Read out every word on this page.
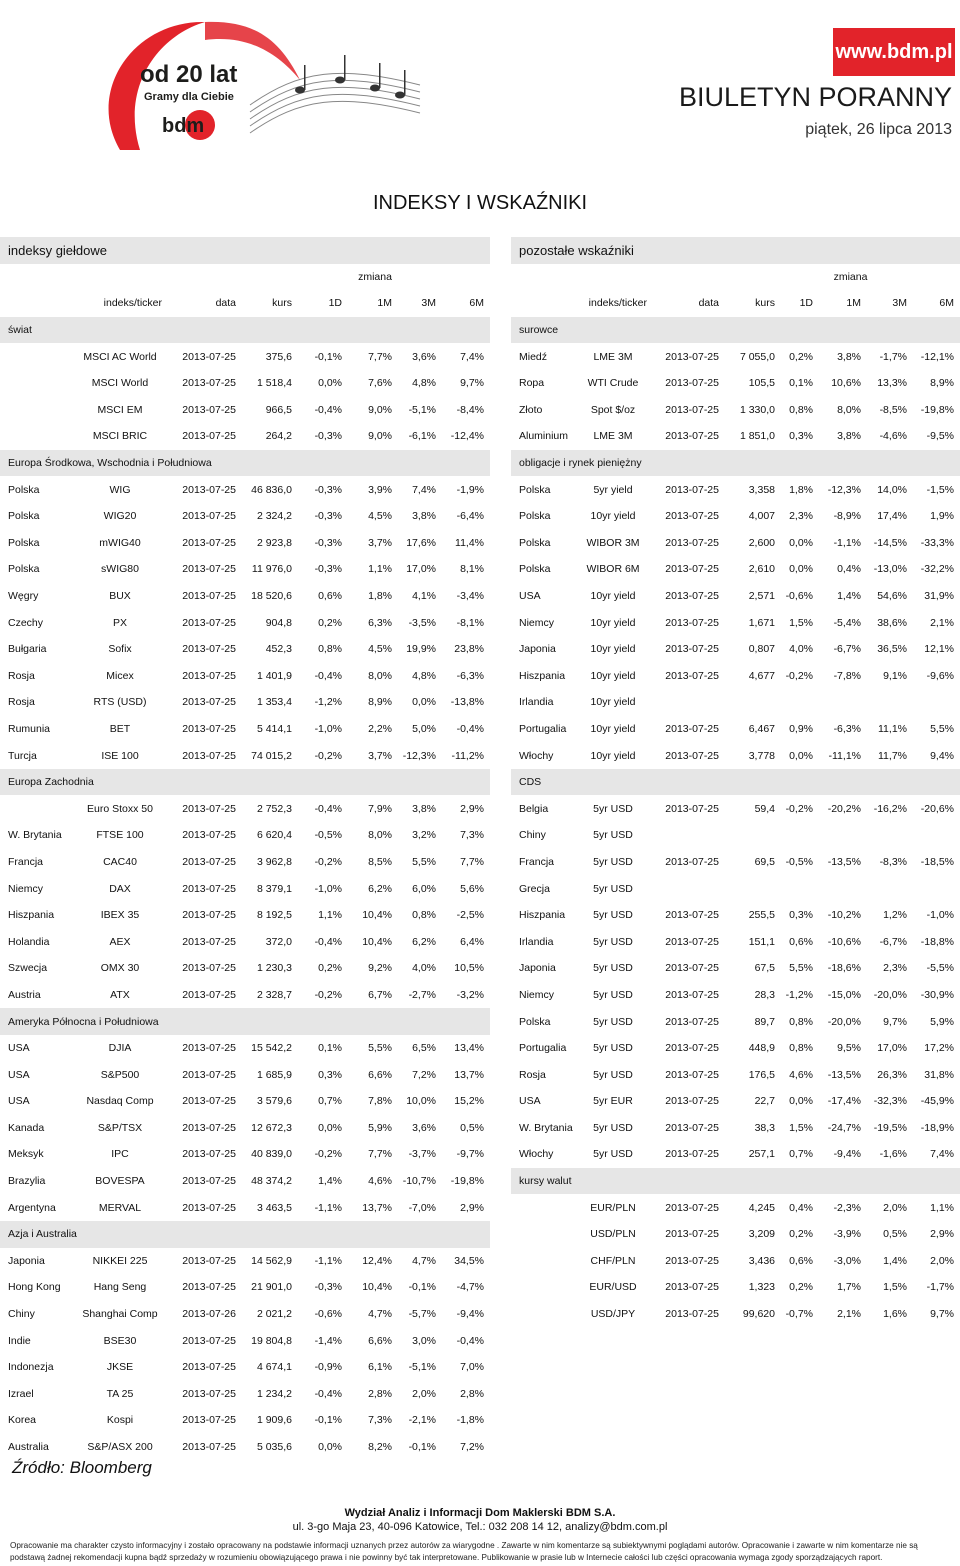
od 20 lat
Gramy dla Ciebie
bdm
www.bdm.pl
BIULETYN PORANNY
piątek, 26 lipca 2013
INDEKSY I WSKAŹNIKI
indeksy giełdowe							
zmiana							
	indeks/ticker	data	kurs	1D	1M	3M	6M
świat							
	MSCI AC World	2013-07-25	375,6	-0,1%	7,7%	3,6%	7,4%
	MSCI World	2013-07-25	1 518,4	0,0%	7,6%	4,8%	9,7%
	MSCI EM	2013-07-25	966,5	-0,4%	9,0%	-5,1%	-8,4%
	MSCI BRIC	2013-07-25	264,2	-0,3%	9,0%	-6,1%	-12,4%
Europa Środkowa, Wschodnia i Południowa							
Polska	WIG	2013-07-25	46 836,0	-0,3%	3,9%	7,4%	-1,9%
Polska	WIG20	2013-07-25	2 324,2	-0,3%	4,5%	3,8%	-6,4%
Polska	mWIG40	2013-07-25	2 923,8	-0,3%	3,7%	17,6%	11,4%
Polska	sWIG80	2013-07-25	11 976,0	-0,3%	1,1%	17,0%	8,1%
Węgry	BUX	2013-07-25	18 520,6	0,6%	1,8%	4,1%	-3,4%
Czechy	PX	2013-07-25	904,8	0,2%	6,3%	-3,5%	-8,1%
Bułgaria	Sofix	2013-07-25	452,3	0,8%	4,5%	19,9%	23,8%
Rosja	Micex	2013-07-25	1 401,9	-0,4%	8,0%	4,8%	-6,3%
Rosja	RTS (USD)	2013-07-25	1 353,4	-1,2%	8,9%	0,0%	-13,8%
Rumunia	BET	2013-07-25	5 414,1	-1,0%	2,2%	5,0%	-0,4%
Turcja	ISE 100	2013-07-25	74 015,2	-0,2%	3,7%	-12,3%	-11,2%
Europa Zachodnia							
	Euro Stoxx 50	2013-07-25	2 752,3	-0,4%	7,9%	3,8%	2,9%
W. Brytania	FTSE 100	2013-07-25	6 620,4	-0,5%	8,0%	3,2%	7,3%
Francja	CAC40	2013-07-25	3 962,8	-0,2%	8,5%	5,5%	7,7%
Niemcy	DAX	2013-07-25	8 379,1	-1,0%	6,2%	6,0%	5,6%
Hiszpania	IBEX 35	2013-07-25	8 192,5	1,1%	10,4%	0,8%	-2,5%
Holandia	AEX	2013-07-25	372,0	-0,4%	10,4%	6,2%	6,4%
Szwecja	OMX 30	2013-07-25	1 230,3	0,2%	9,2%	4,0%	10,5%
Austria	ATX	2013-07-25	2 328,7	-0,2%	6,7%	-2,7%	-3,2%
Ameryka Północna i Południowa							
USA	DJIA	2013-07-25	15 542,2	0,1%	5,5%	6,5%	13,4%
USA	S&P500	2013-07-25	1 685,9	0,3%	6,6%	7,2%	13,7%
USA	Nasdaq Comp	2013-07-25	3 579,6	0,7%	7,8%	10,0%	15,2%
Kanada	S&P/TSX	2013-07-25	12 672,3	0,0%	5,9%	3,6%	0,5%
Meksyk	IPC	2013-07-25	40 839,0	-0,2%	7,7%	-3,7%	-9,7%
Brazylia	BOVESPA	2013-07-25	48 374,2	1,4%	4,6%	-10,7%	-19,8%
Argentyna	MERVAL	2013-07-25	3 463,5	-1,1%	13,7%	-7,0%	2,9%
Azja i Australia							
Japonia	NIKKEI 225	2013-07-25	14 562,9	-1,1%	12,4%	4,7%	34,5%
Hong Kong	Hang Seng	2013-07-25	21 901,0	-0,3%	10,4%	-0,1%	-4,7%
Chiny	Shanghai Comp	2013-07-26	2 021,2	-0,6%	4,7%	-5,7%	-9,4%
Indie	BSE30	2013-07-25	19 804,8	-1,4%	6,6%	3,0%	-0,4%
Indonezja	JKSE	2013-07-25	4 674,1	-0,9%	6,1%	-5,1%	7,0%
Izrael	TA 25	2013-07-25	1 234,2	-0,4%	2,8%	2,0%	2,8%
Korea	Kospi	2013-07-25	1 909,6	-0,1%	7,3%	-2,1%	-1,8%
Australia	S&P/ASX 200	2013-07-25	5 035,6	0,0%	8,2%	-0,1%	7,2%
pozostałe wskaźniki							
zmiana							
	indeks/ticker	data	kurs	1D	1M	3M	6M
surowce							
Miedź	LME 3M	2013-07-25	7 055,0	0,2%	3,8%	-1,7%	-12,1%
Ropa	WTI Crude	2013-07-25	105,5	0,1%	10,6%	13,3%	8,9%
Złoto	Spot $/oz	2013-07-25	1 330,0	0,8%	8,0%	-8,5%	-19,8%
Aluminium	LME 3M	2013-07-25	1 851,0	0,3%	3,8%	-4,6%	-9,5%
obligacje i rynek pieniężny							
Polska	5yr yield	2013-07-25	3,358	1,8%	-12,3%	14,0%	-1,5%
Polska	10yr yield	2013-07-25	4,007	2,3%	-8,9%	17,4%	1,9%
Polska	WIBOR 3M	2013-07-25	2,600	0,0%	-1,1%	-14,5%	-33,3%
Polska	WIBOR 6M	2013-07-25	2,610	0,0%	0,4%	-13,0%	-32,2%
USA	10yr yield	2013-07-25	2,571	-0,6%	1,4%	54,6%	31,9%
Niemcy	10yr yield	2013-07-25	1,671	1,5%	-5,4%	38,6%	2,1%
Japonia	10yr yield	2013-07-25	0,807	4,0%	-6,7%	36,5%	12,1%
Hiszpania	10yr yield	2013-07-25	4,677	-0,2%	-7,8%	9,1%	-9,6%
Irlandia	10yr yield						
Portugalia	10yr yield	2013-07-25	6,467	0,9%	-6,3%	11,1%	5,5%
Włochy	10yr yield	2013-07-25	3,778	0,0%	-11,1%	11,7%	9,4%
CDS							
Belgia	5yr USD	2013-07-25	59,4	-0,2%	-20,2%	-16,2%	-20,6%
Chiny	5yr USD						
Francja	5yr USD	2013-07-25	69,5	-0,5%	-13,5%	-8,3%	-18,5%
Grecja	5yr USD						
Hiszpania	5yr USD	2013-07-25	255,5	0,3%	-10,2%	1,2%	-1,0%
Irlandia	5yr USD	2013-07-25	151,1	0,6%	-10,6%	-6,7%	-18,8%
Japonia	5yr USD	2013-07-25	67,5	5,5%	-18,6%	2,3%	-5,5%
Niemcy	5yr USD	2013-07-25	28,3	-1,2%	-15,0%	-20,0%	-30,9%
Polska	5yr USD	2013-07-25	89,7	0,8%	-20,0%	9,7%	5,9%
Portugalia	5yr USD	2013-07-25	448,9	0,8%	9,5%	17,0%	17,2%
Rosja	5yr USD	2013-07-25	176,5	4,6%	-13,5%	26,3%	31,8%
USA	5yr EUR	2013-07-25	22,7	0,0%	-17,4%	-32,3%	-45,9%
W. Brytania	5yr USD	2013-07-25	38,3	1,5%	-24,7%	-19,5%	-18,9%
Włochy	5yr USD	2013-07-25	257,1	0,7%	-9,4%	-1,6%	7,4%
kursy walut							
	EUR/PLN	2013-07-25	4,245	0,4%	-2,3%	2,0%	1,1%
	USD/PLN	2013-07-25	3,209	0,2%	-3,9%	0,5%	2,9%
	CHF/PLN	2013-07-25	3,436	0,6%	-3,0%	1,4%	2,0%
	EUR/USD	2013-07-25	1,323	0,2%	1,7%	1,5%	-1,7%
	USD/JPY	2013-07-25	99,620	-0,7%	2,1%	1,6%	9,7%
Źródło: Bloomberg
Wydział Analiz i Informacji Dom Maklerski BDM S.A.
ul. 3-go Maja 23, 40-096 Katowice, Tel.: 032 208 14 12, analizy@bdm.com.pl
Opracowanie ma charakter czysto informacyjny i zostało opracowany na podstawie informacji uznanych przez autorów za wiarygodne . Zawarte w nim komentarze są subiektywnymi poglądami autorów. Opracowanie i zawarte w nim komentarze nie są podstawą żadnej rekomendacji kupna bądź sprzedaży w rozumieniu obowiązującego prawa i nie powinny być tak interpretowane. Publikowanie w prasie lub w Internecie całości lub części opracowania wymaga zgody sporządzających raport.
